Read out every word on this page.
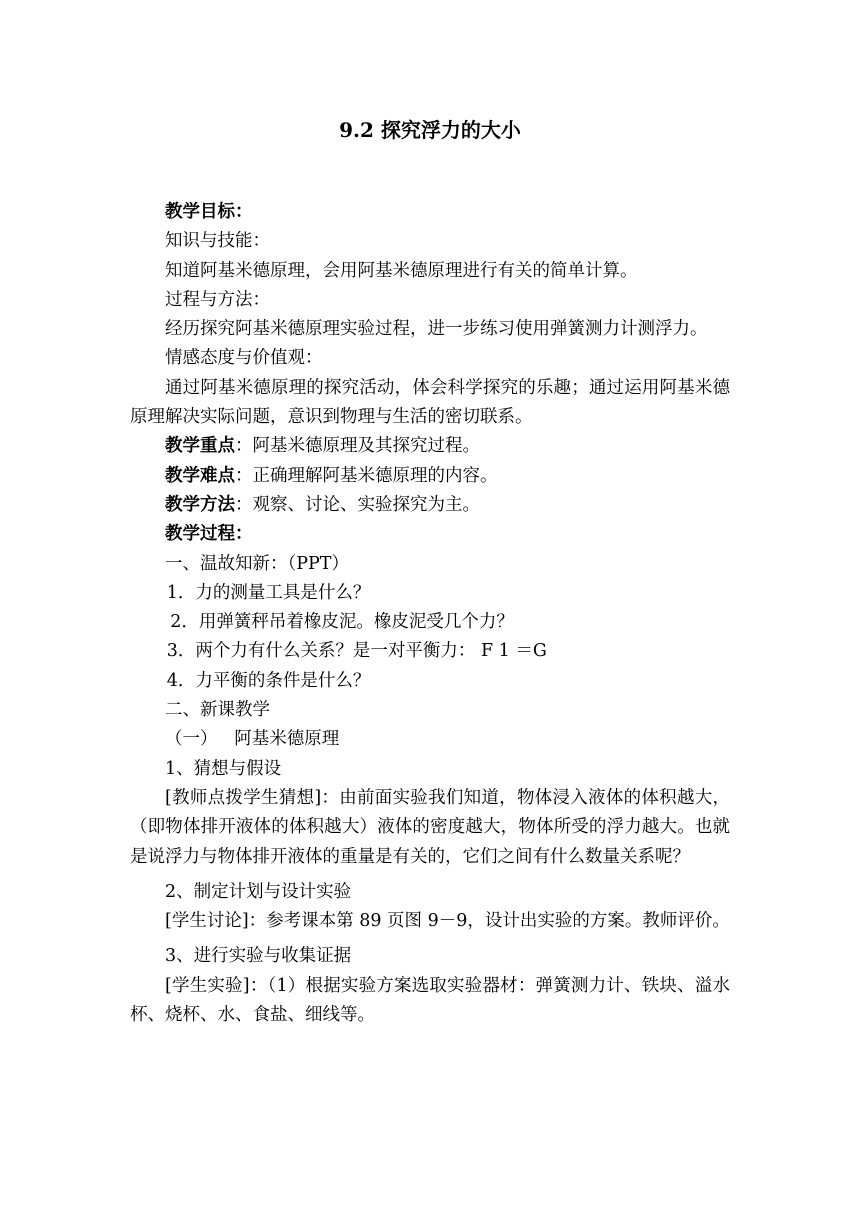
9.2 探究浮力的大小

教学目标：

知识与技能：

知道阿基米德原理，会用阿基米德原理进行有关的简单计算。

过程与方法：

经历探究阿基米德原理实验过程，进一步练习使用弹簧测力计测浮力。

情感态度与价值观：

通过阿基米德原理的探究活动，体会科学探究的乐趣；通过运用阿基米德原理解决实际问题，意识到物理与生活的密切联系。

教学重点：阿基米德原理及其探究过程。

教学难点：正确理解阿基米德原理的内容。

教学方法：观察、讨论、实验探究为主。

教学过程：

一、温故知新：（PPT）

1．力的测量工具是什么？

2．用弹簧秤吊着橡皮泥。橡皮泥受几个力？

3．两个力有什么关系？是一对平衡力： F 1 ＝G

4．力平衡的条件是什么？

二、新课教学

（一）   阿基米德原理

1、猜想与假设

[教师点拨学生猜想]：由前面实验我们知道，物体浸入液体的体积越大，（即物体排开液体的体积越大）液体的密度越大，物体所受的浮力越大。也就是说浮力与物体排开液体的重量是有关的，它们之间有什么数量关系呢？

2、制定计划与设计实验

[学生讨论]：参考课本第 89 页图 9－9，设计出实验的方案。教师评价。

3、进行实验与收集证据

[学生实验]：（1）根据实验方案选取实验器材：弹簧测力计、铁块、溢水杯、烧杯、水、食盐、细线等。
